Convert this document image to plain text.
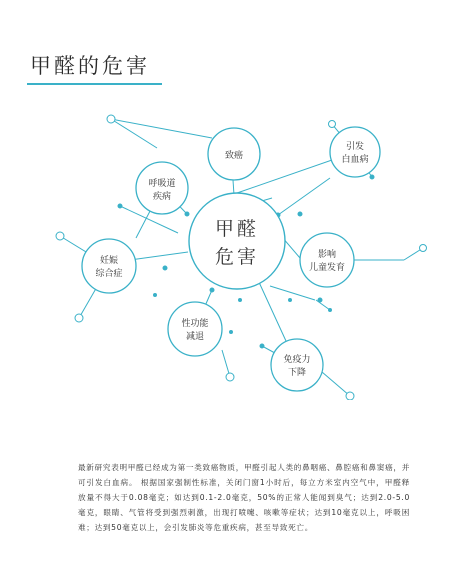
甲醛的危害
甲醛
危害
致癌
引发
白血病
呼吸道
疾病
影响
儿童发育
妊娠
综合症
性功能
减退
免疫力
下降

最新研究表明甲醛已经成为第一类致癌物质，甲醛引起人类的鼻咽癌、鼻腔癌和鼻窦癌，并可引发白血病。 根据国家强制性标准，关闭门窗1小时后，每立方米室内空气中，甲醛释放量不得大于0.08毫克；如达到0.1-2.0毫克，50%的正常人能闻到臭气；达到2.0-5.0毫克，眼睛、气管将受到强烈刺激，出现打喷嚏、咳嗽等症状；达到10毫克以上，呼吸困难；达到50毫克以上，会引发肺炎等危重疾病，甚至导致死亡。
